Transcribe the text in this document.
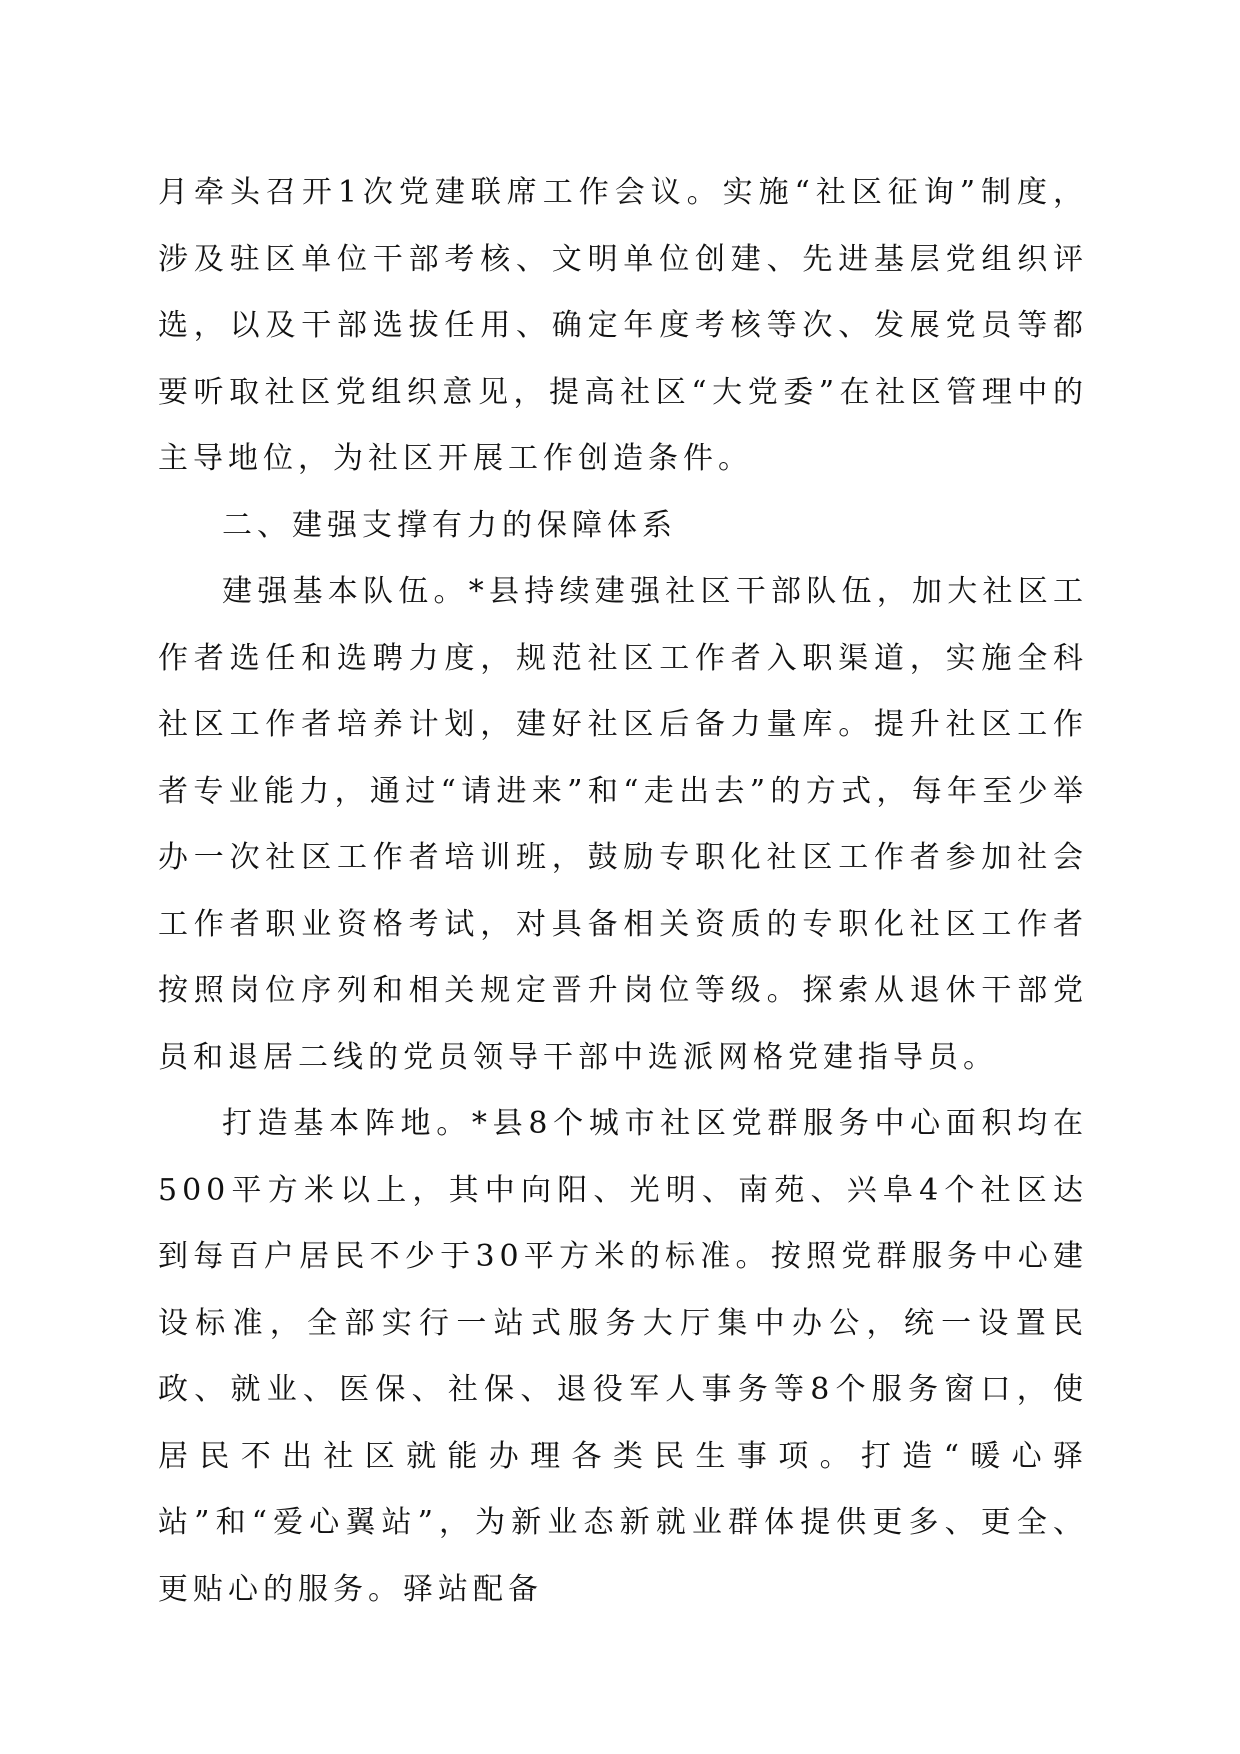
月牵头召开1次党建联席工作会议。实施“社区征询”制度，涉及驻区单位干部考核、文明单位创建、先进基层党组织评选，以及干部选拔任用、确定年度考核等次、发展党员等都要听取社区党组织意见，提高社区“大党委”在社区管理中的主导地位，为社区开展工作创造条件。

二、建强支撑有力的保障体系

建强基本队伍。*县持续建强社区干部队伍，加大社区工作者选任和选聘力度，规范社区工作者入职渠道，实施全科社区工作者培养计划，建好社区后备力量库。提升社区工作者专业能力，通过“请进来”和“走出去”的方式，每年至少举办一次社区工作者培训班，鼓励专职化社区工作者参加社会工作者职业资格考试，对具备相关资质的专职化社区工作者按照岗位序列和相关规定晋升岗位等级。探索从退休干部党员和退居二线的党员领导干部中选派网格党建指导员。

打造基本阵地。*县8个城市社区党群服务中心面积均在500平方米以上，其中向阳、光明、南苑、兴阜4个社区达到每百户居民不少于30平方米的标准。按照党群服务中心建设标准，全部实行一站式服务大厅集中办公，统一设置民政、就业、医保、社保、退役军人事务等8个服务窗口，使居民不出社区就能办理各类民生事项。打造“暖心驿站”和“爱心翼站”，为新业态新就业群体提供更多、更全、更贴心的服务。驿站配备
